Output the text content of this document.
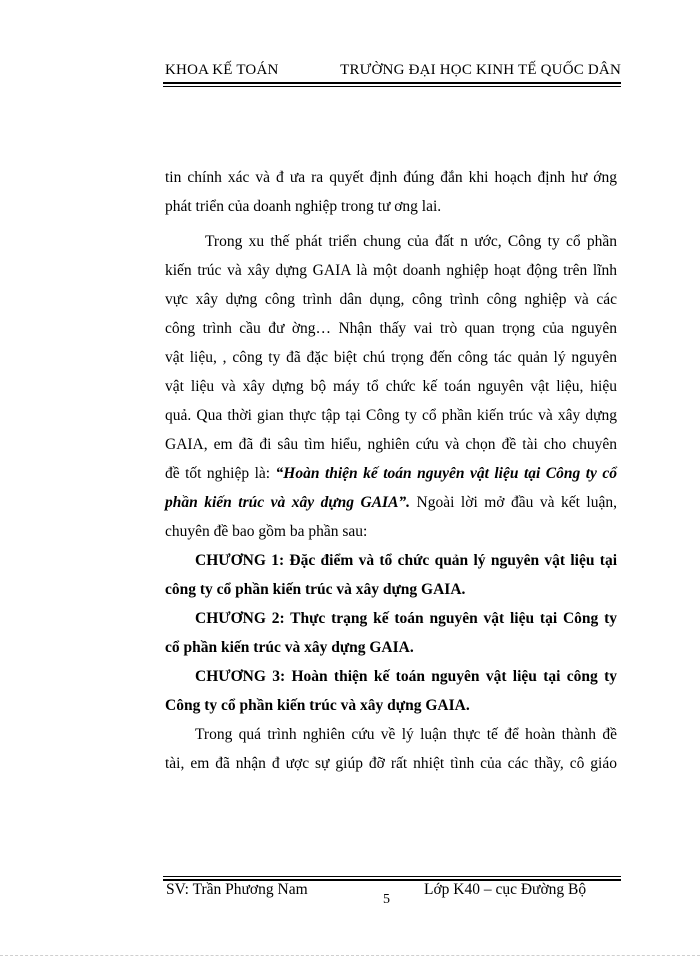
KHOA KẾ TOÁN	TRƯỜNG ĐẠI HỌC KINH TẾ QUỐC DÂN

tin chính xác và đ ưa ra quyết định đúng đắn khi hoạch định hư ớng
phát triển của doanh nghiệp trong tư ơng lai.

Trong xu thế phát triển chung của đất n ước, Công ty cổ phần
kiến trúc và xây dựng GAIA là một doanh nghiệp hoạt động trên lĩnh
vực xây dựng công trình dân dụng, công trình công nghiệp và các
công trình cầu đư ờng… Nhận thấy vai trò quan trọng của nguyên
vật liệu, , công ty đã đặc biệt chú trọng đến công tác quản lý nguyên
vật liệu và xây dựng bộ máy tổ chức kế toán nguyên vật liệu, hiệu
quả. Qua thời gian thực tập tại Công ty cổ phần kiến trúc và xây dựng
GAIA, em đã đi sâu tìm hiểu, nghiên cứu và chọn đề tài cho chuyên
đề tốt nghiệp là: “Hoàn thiện kế toán nguyên vật liệu tại Công ty cổ
phần kiến trúc và xây dựng GAIA”. Ngoài lời mở đầu và kết luận,
chuyên đề bao gồm ba phần sau:

CHƯƠNG 1: Đặc điểm và tổ chức quản lý nguyên vật liệu tại
công ty cổ phần kiến trúc và xây dựng GAIA.

CHƯƠNG 2: Thực trạng kế toán nguyên vật liệu tại Công ty
cổ phần kiến trúc và xây dựng GAIA.

CHƯƠNG 3: Hoàn thiện kế toán nguyên vật liệu tại công ty
Công ty cổ phần kiến trúc và xây dựng GAIA.

Trong quá trình nghiên cứu về lý luận thực tế để hoàn thành đề
tài, em đã nhận đ ược sự giúp đỡ rất nhiệt tình của các thầy, cô giáo

SV: Trần Phương Nam	Lớp K40 – cục Đường Bộ
5
